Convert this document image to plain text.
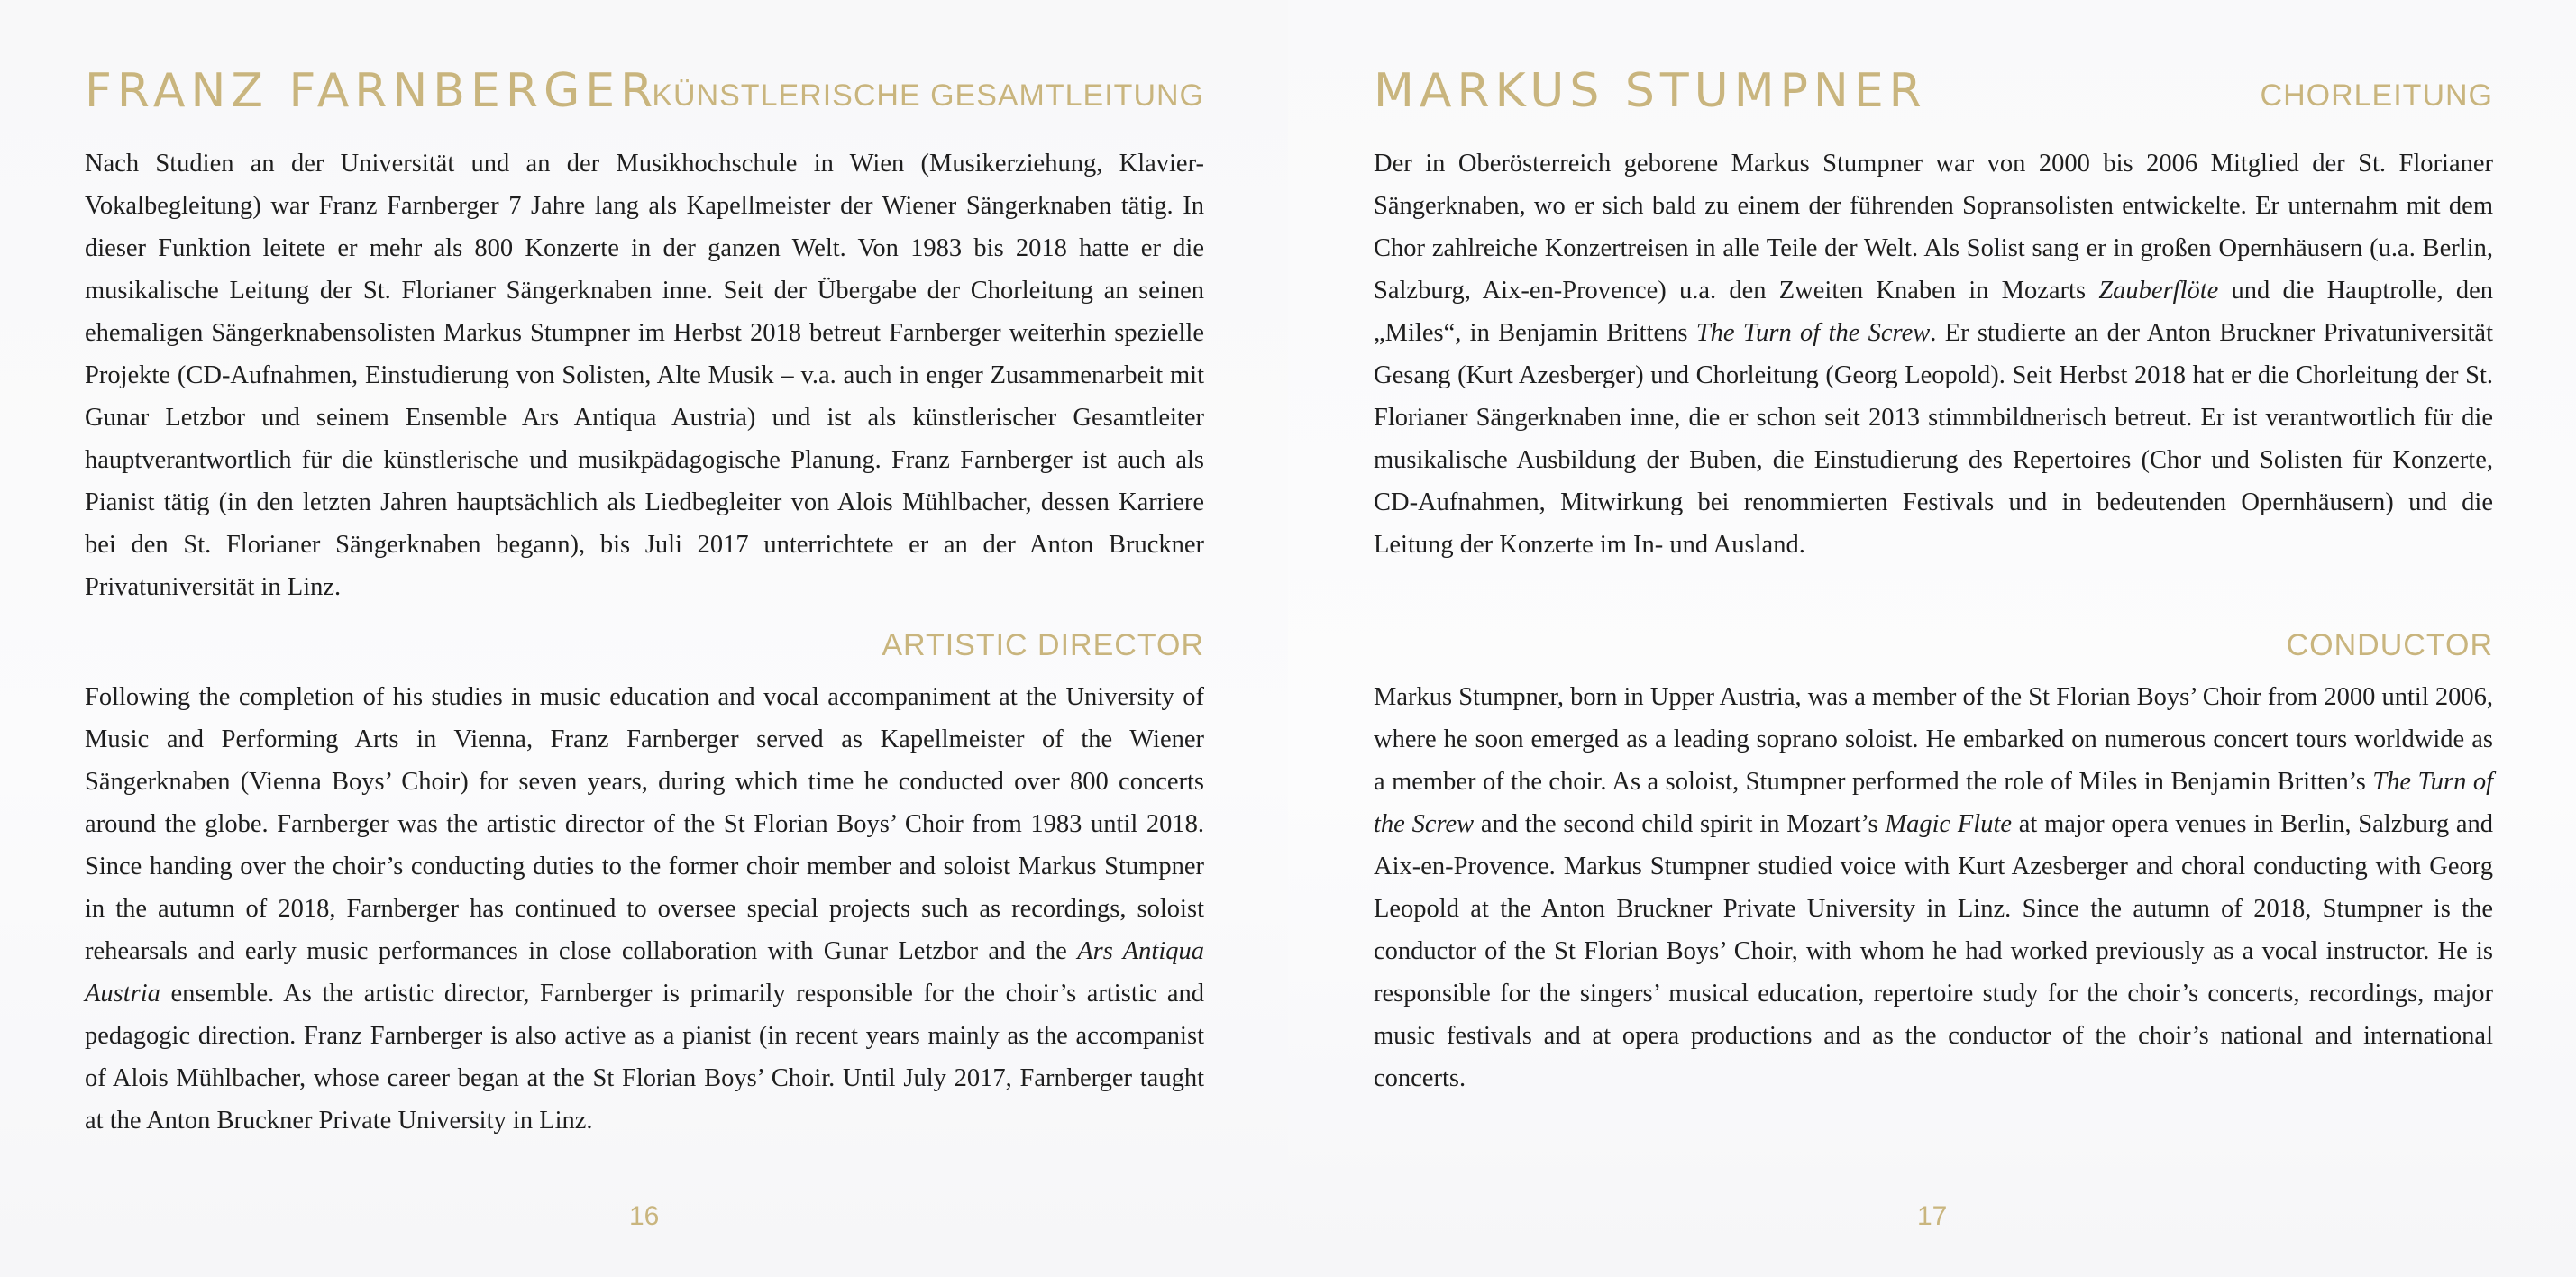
FRANZ FARNBERGER
KÜNSTLERISCHE GESAMTLEITUNG

Nach Studien an der Universität und an der Musikhochschule in Wien (Musikerziehung, Klavier-Vokalbegleitung) war Franz Farnberger 7 Jahre lang als Kapellmeister der Wiener Sängerknaben tätig. In dieser Funktion leitete er mehr als 800 Konzerte in der ganzen Welt. Von 1983 bis 2018 hatte er die musikalische Leitung der St. Florianer Sängerknaben inne. Seit der Übergabe der Chorleitung an seinen ehemaligen Sängerknabensolisten Markus Stumpner im Herbst 2018 betreut Farnberger weiterhin spezielle Projekte (CD-Aufnahmen, Einstudierung von Solisten, Alte Musik – v.a. auch in enger Zusammenarbeit mit Gunar Letzbor und seinem Ensemble Ars Antiqua Austria) und ist als künstlerischer Gesamtleiter hauptverantwortlich für die künstlerische und musikpädagogische Planung. Franz Farnberger ist auch als Pianist tätig (in den letzten Jahren hauptsächlich als Liedbegleiter von Alois Mühlbacher, dessen Karriere bei den St. Florianer Sängerknaben begann), bis Juli 2017 unterrichtete er an der Anton Bruckner Privatuniversität in Linz.

ARTISTIC DIRECTOR

Following the completion of his studies in music education and vocal accompaniment at the University of Music and Performing Arts in Vienna, Franz Farnberger served as Kapellmeister of the Wiener Sängerknaben (Vienna Boys’ Choir) for seven years, during which time he conducted over 800 concerts around the globe. Farnberger was the artistic director of the St Florian Boys’ Choir from 1983 until 2018. Since handing over the choir’s conducting duties to the former choir member and soloist Markus Stumpner in the autumn of 2018, Farnberger has continued to oversee special projects such as recordings, soloist rehearsals and early music performances in close collaboration with Gunar Letzbor and the Ars Antiqua Austria ensemble. As the artistic director, Farnberger is primarily responsible for the choir’s artistic and pedagogic direction. Franz Farnberger is also active as a pianist (in recent years mainly as the accompanist of Alois Mühlbacher, whose career began at the St Florian Boys’ Choir. Until July 2017, Farnberger taught at the Anton Bruckner Private University in Linz.

16
MARKUS STUMPNER	CHORLEITUNG

Der in Oberösterreich geborene Markus Stumpner war von 2000 bis 2006 Mitglied der St. Florianer Sängerknaben, wo er sich bald zu einem der führenden Sopransolisten entwickelte. Er unternahm mit dem Chor zahlreiche Konzertreisen in alle Teile der Welt. Als Solist sang er in großen Opernhäusern (u.a. Berlin, Salzburg, Aix-en-Provence) u.a. den Zweiten Knaben in Mozarts Zauberflöte und die Hauptrolle, den „Miles“, in Benjamin Brittens The Turn of the Screw. Er studierte an der Anton Bruckner Privatuniversität Gesang (Kurt Azesberger) und Chorleitung (Georg Leopold). Seit Herbst 2018 hat er die Chorleitung der St. Florianer Sängerknaben inne, die er schon seit 2013 stimmbildnerisch betreut. Er ist verantwortlich für die musikalische Ausbildung der Buben, die Einstudierung des Repertoires (Chor und Solisten für Konzerte, CD-Aufnahmen, Mitwirkung bei renommierten Festivals und in bedeutenden Opernhäusern) und die Leitung der Konzerte im In- und Ausland.

CONDUCTOR

Markus Stumpner, born in Upper Austria, was a member of the St Florian Boys’ Choir from 2000 until 2006, where he soon emerged as a leading soprano soloist. He embarked on numerous concert tours worldwide as a member of the choir. As a soloist, Stumpner performed the role of Miles in Benjamin Britten’s The Turn of the Screw and the second child spirit in Mozart’s Magic Flute at major opera venues in Berlin, Salzburg and Aix-en-Provence. Markus Stumpner studied voice with Kurt Azesberger and choral conducting with Georg Leopold at the Anton Bruckner Private University in Linz. Since the autumn of 2018, Stumpner is the conductor of the St Florian Boys’ Choir, with whom he had worked previously as a vocal instructor. He is responsible for the singers’ musical education, repertoire study for the choir’s concerts, recordings, major music festivals and at opera productions and as the conductor of the choir’s national and international concerts.

17
